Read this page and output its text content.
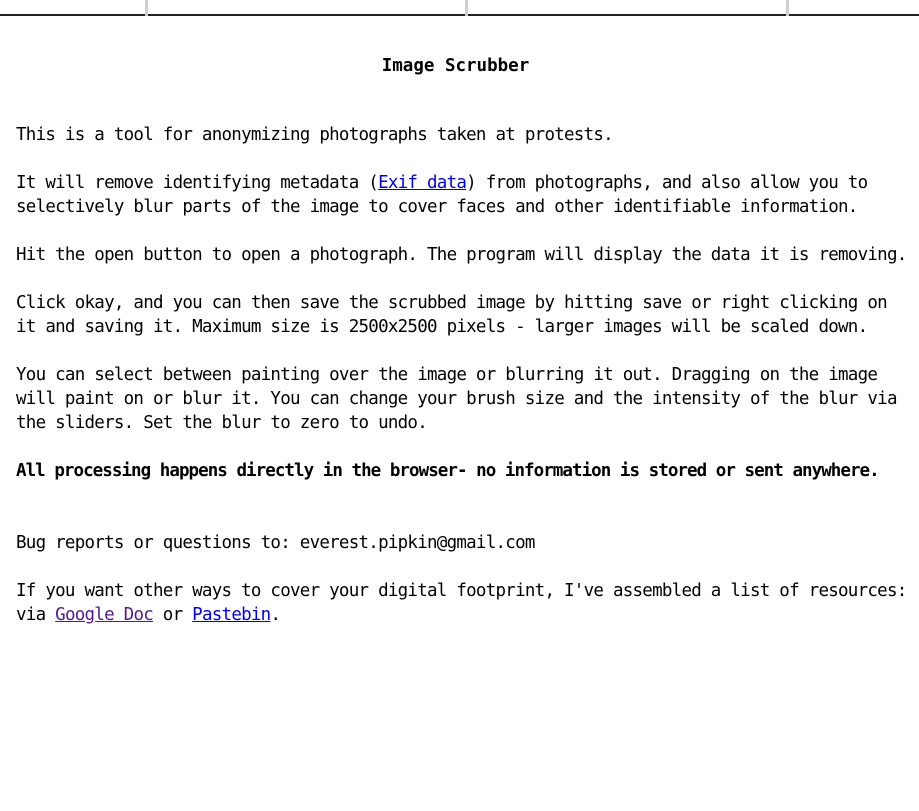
Image Scrubber

This is a tool for anonymizing photographs taken at protests.

It will remove identifying metadata (Exif data) from photographs, and also allow you to selectively blur parts of the image to cover faces and other identifiable information.

Hit the open button to open a photograph. The program will display the data it is removing.

Click okay, and you can then save the scrubbed image by hitting save or right clicking on it and saving it. Maximum size is 2500x2500 pixels - larger images will be scaled down.

You can select between painting over the image or blurring it out. Dragging on the image will paint on or blur it. You can change your brush size and the intensity of the blur via the sliders. Set the blur to zero to undo.

All processing happens directly in the browser- no information is stored or sent anywhere.

Bug reports or questions to: everest.pipkin@gmail.com

If you want other ways to cover your digital footprint, I've assembled a list of resources: via Google Doc or Pastebin.
